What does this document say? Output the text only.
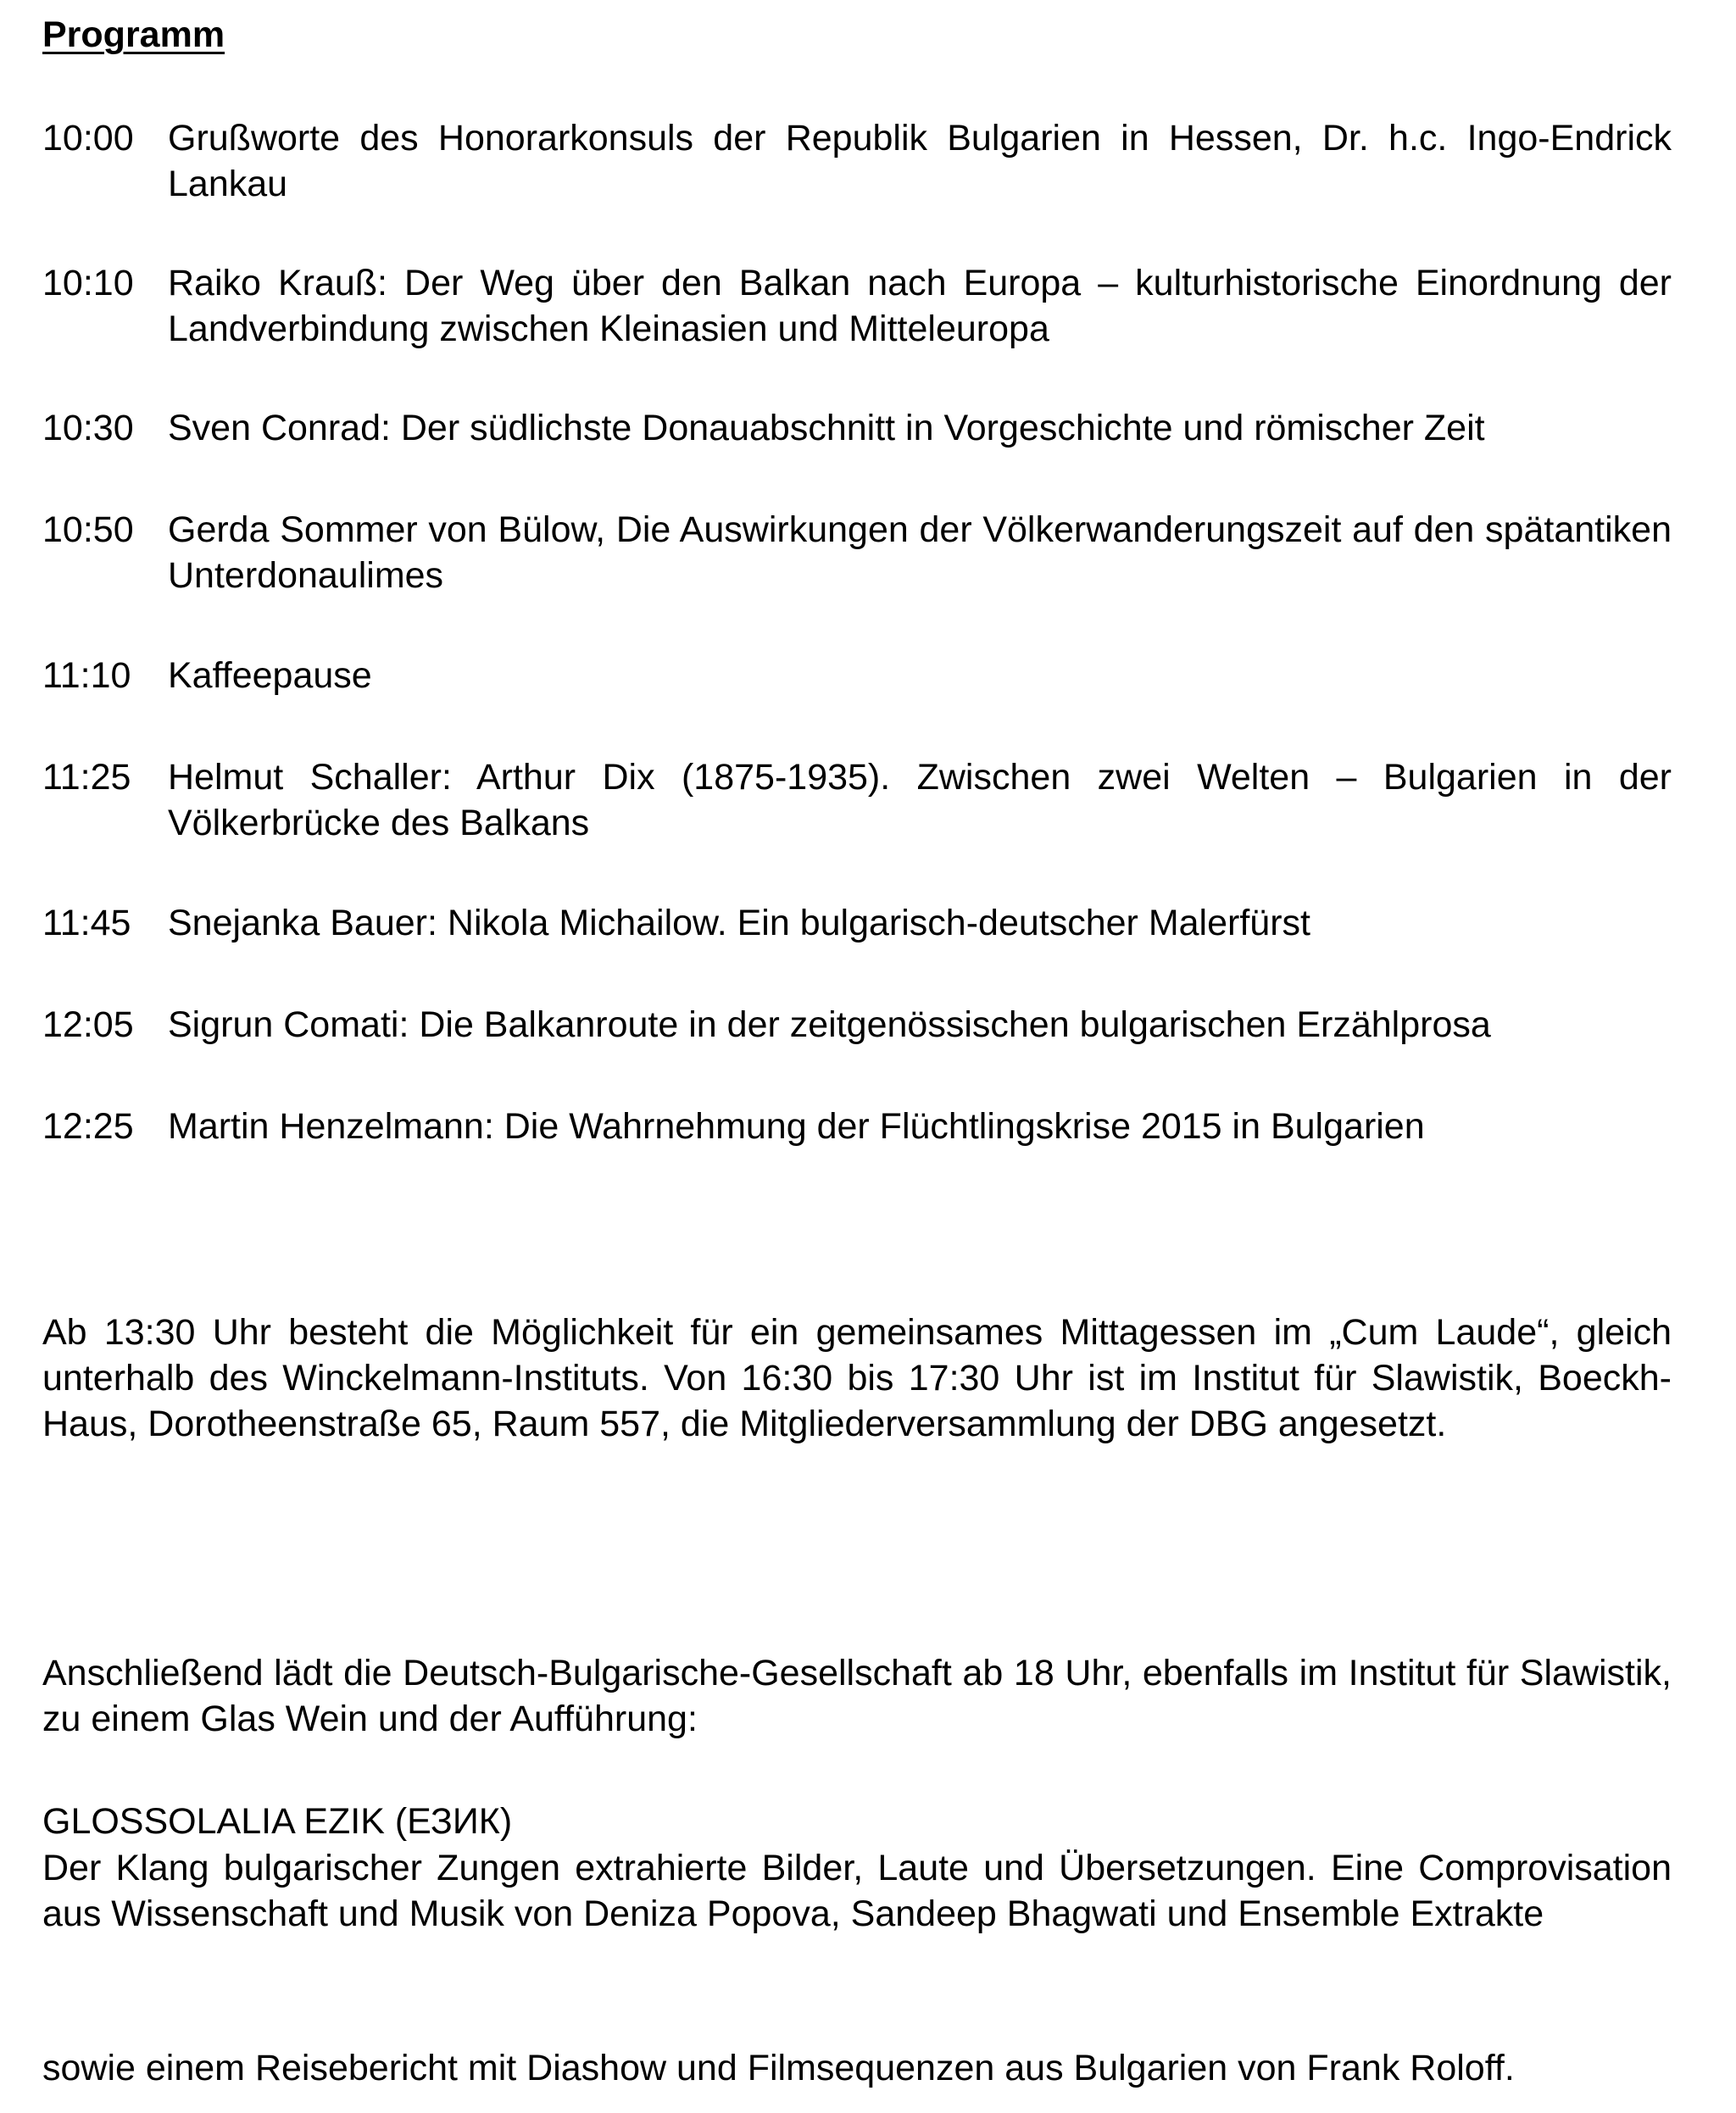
Programm
10:00 Grußworte des Honorarkonsuls der Republik Bulgarien in Hessen, Dr. h.c. Ingo-Endrick Lankau
10:10 Raiko Krauß: Der Weg über den Balkan nach Europa – kulturhistorische Einordnung der Landverbindung zwischen Kleinasien und Mitteleuropa
10:30 Sven Conrad: Der südlichste Donauabschnitt in Vorgeschichte und römischer Zeit
10:50 Gerda Sommer von Bülow, Die Auswirkungen der Völkerwanderungszeit auf den spätantiken Unterdonaulimes
11:10	Kaffeepause
11:25	Helmut Schaller: Arthur Dix (1875-1935). Zwischen zwei Welten – Bulgarien in der Völkerbrücke des Balkans
11:45	Snejanka Bauer: Nikola Michailow. Ein bulgarisch-deutscher Malerfürst
12:05 Sigrun Comati: Die Balkanroute in der zeitgenössischen bulgarischen Erzählprosa
12:25 Martin Henzelmann: Die Wahrnehmung der Flüchtlingskrise 2015 in Bulgarien
Ab 13:30 Uhr besteht die Möglichkeit für ein gemeinsames Mittagessen im „Cum Laude“, gleich unterhalb des Winckelmann-Instituts. Von 16:30 bis 17:30 Uhr ist im Institut für Slawistik, Boeckh-Haus, Dorotheenstraße 65, Raum 557, die Mitgliederversammlung der DBG angesetzt.
Anschließend lädt die Deutsch-Bulgarische-Gesellschaft ab 18 Uhr, ebenfalls im Institut für Slawistik, zu einem Glas Wein und der Aufführung:
GLOSSOLALIA EZIK (ЕЗИК)
Der Klang bulgarischer Zungen extrahierte Bilder, Laute und Übersetzungen. Eine Comprovisation aus Wissenschaft und Musik von Deniza Popova, Sandeep Bhagwati und Ensemble Extrakte
sowie einem Reisebericht mit Diashow und Filmsequenzen aus Bulgarien von Frank Roloff.
